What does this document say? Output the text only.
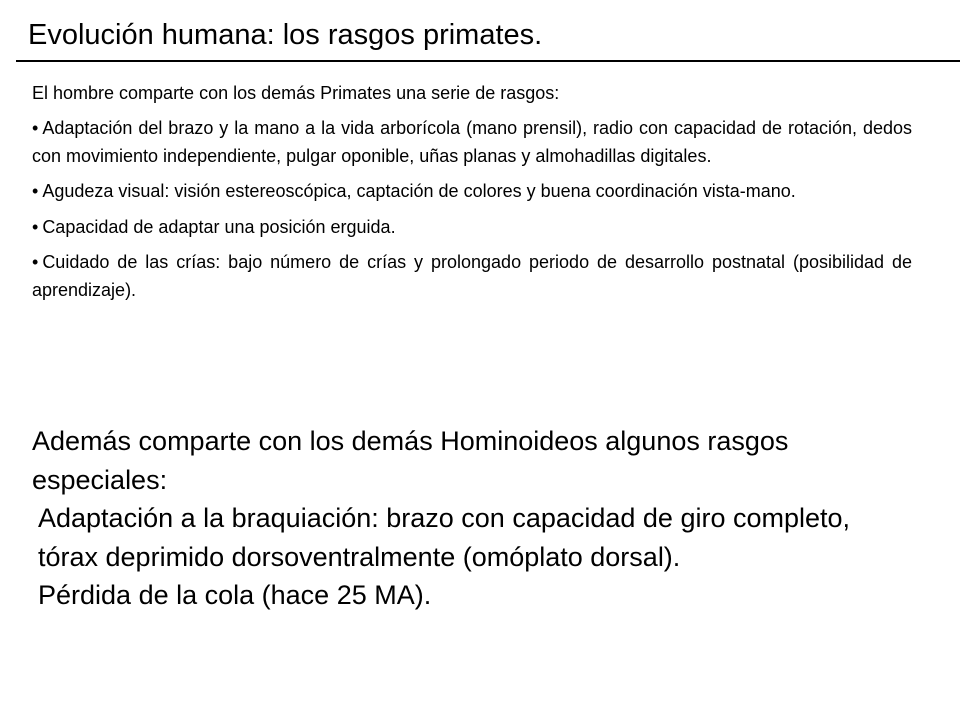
Evolución humana: los rasgos primates.

El hombre comparte con los demás Primates una serie de rasgos:

• Adaptación del brazo y la mano a la vida arborícola (mano prensil), radio con capacidad de rotación, dedos con movimiento independiente, pulgar oponible, uñas planas y almohadillas digitales.
• Agudeza visual: visión estereoscópica, captación de colores y buena coordinación vista-mano.
• Capacidad de adaptar una posición erguida.
• Cuidado de las crías: bajo número de crías y prolongado periodo de desarrollo postnatal (posibilidad de aprendizaje).

Además comparte con los demás Hominoideos algunos rasgos especiales:

Adaptación a la braquiación: brazo con capacidad de giro completo, tórax deprimido dorsoventralmente (omóplato dorsal).

Pérdida de la cola (hace 25 MA).
